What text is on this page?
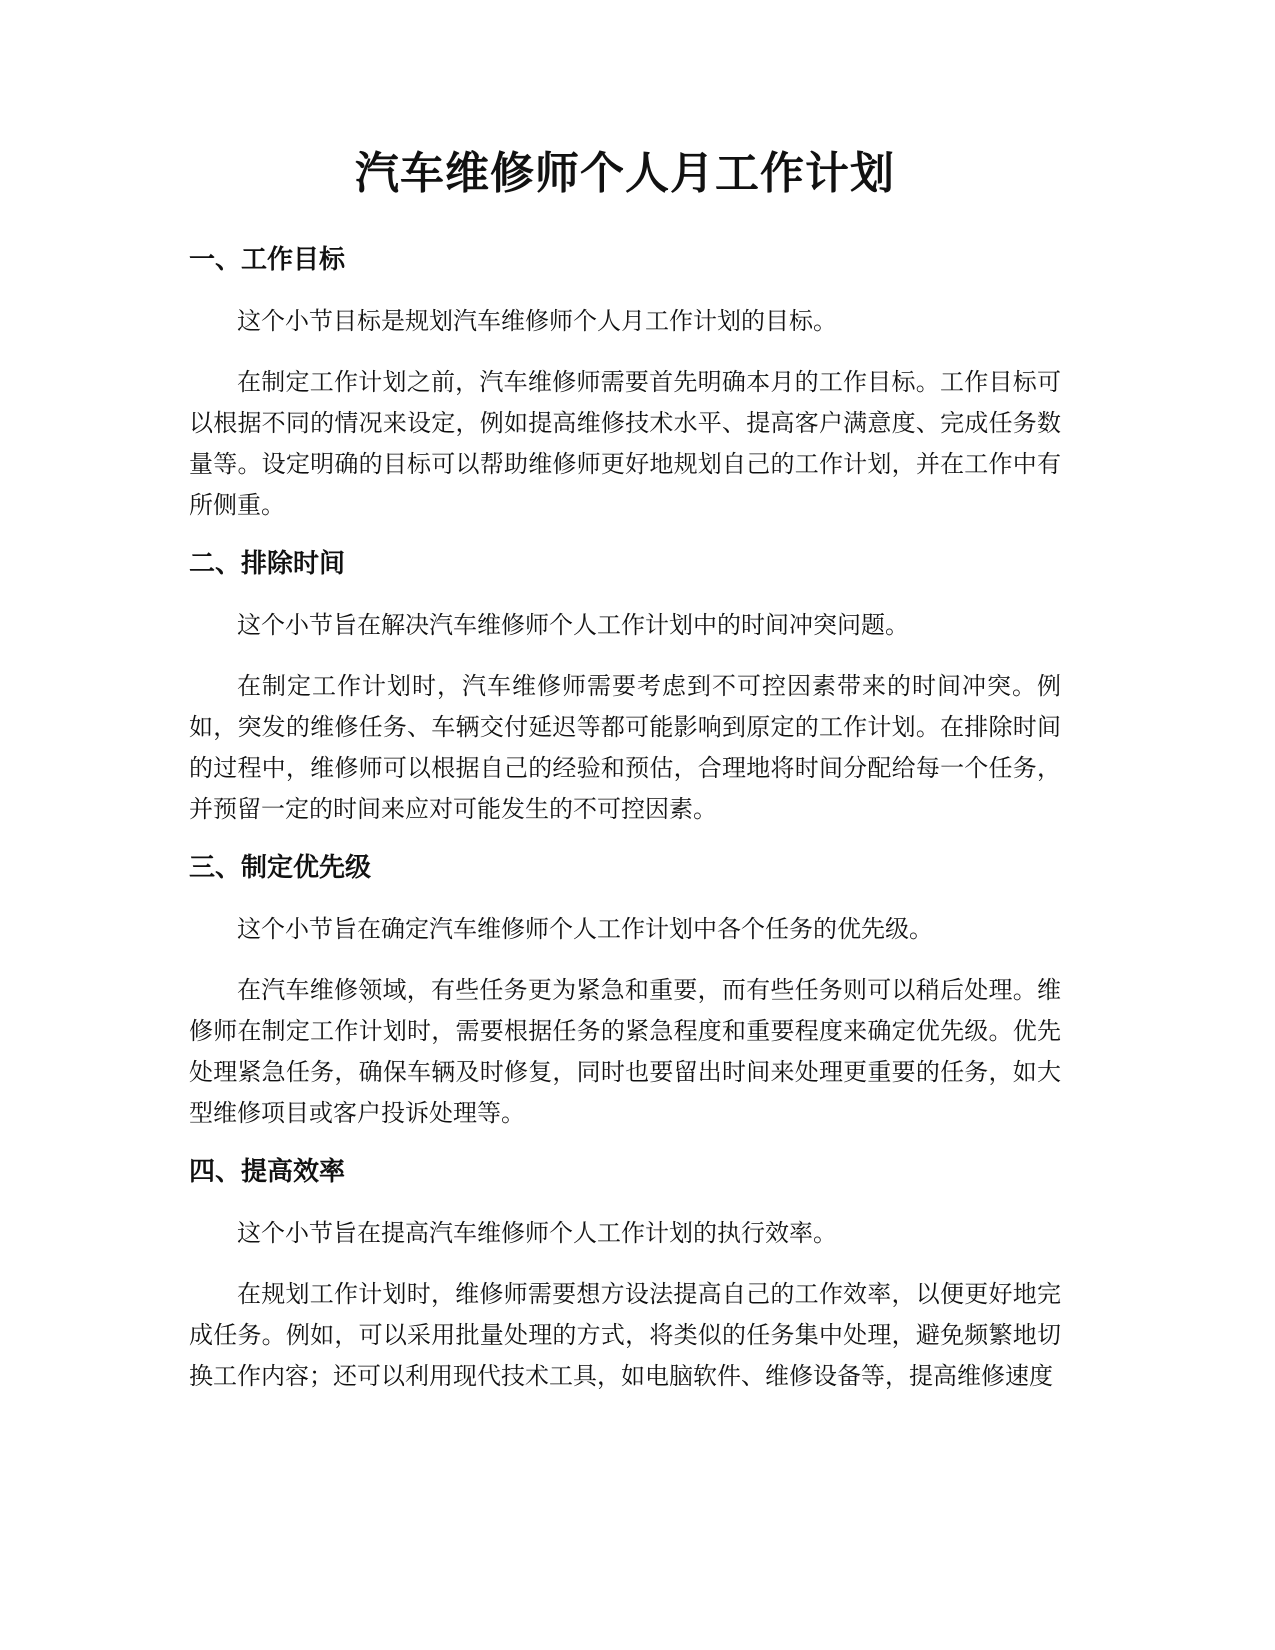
汽车维修师个人月工作计划
一、工作目标

这个小节目标是规划汽车维修师个人月工作计划的目标。

在制定工作计划之前，汽车维修师需要首先明确本月的工作目标。工作目标可以根据不同的情况来设定，例如提高维修技术水平、提高客户满意度、完成任务数量等。设定明确的目标可以帮助维修师更好地规划自己的工作计划，并在工作中有所侧重。

二、排除时间

这个小节旨在解决汽车维修师个人工作计划中的时间冲突问题。

在制定工作计划时，汽车维修师需要考虑到不可控因素带来的时间冲突。例如，突发的维修任务、车辆交付延迟等都可能影响到原定的工作计划。在排除时间的过程中，维修师可以根据自己的经验和预估，合理地将时间分配给每一个任务，并预留一定的时间来应对可能发生的不可控因素。

三、制定优先级

这个小节旨在确定汽车维修师个人工作计划中各个任务的优先级。

在汽车维修领域，有些任务更为紧急和重要，而有些任务则可以稍后处理。维修师在制定工作计划时，需要根据任务的紧急程度和重要程度来确定优先级。优先处理紧急任务，确保车辆及时修复，同时也要留出时间来处理更重要的任务，如大型维修项目或客户投诉处理等。

四、提高效率

这个小节旨在提高汽车维修师个人工作计划的执行效率。

在规划工作计划时，维修师需要想方设法提高自己的工作效率，以便更好地完成任务。例如，可以采用批量处理的方式，将类似的任务集中处理，避免频繁地切换工作内容；还可以利用现代技术工具，如电脑软件、维修设备等，提高维修速度
